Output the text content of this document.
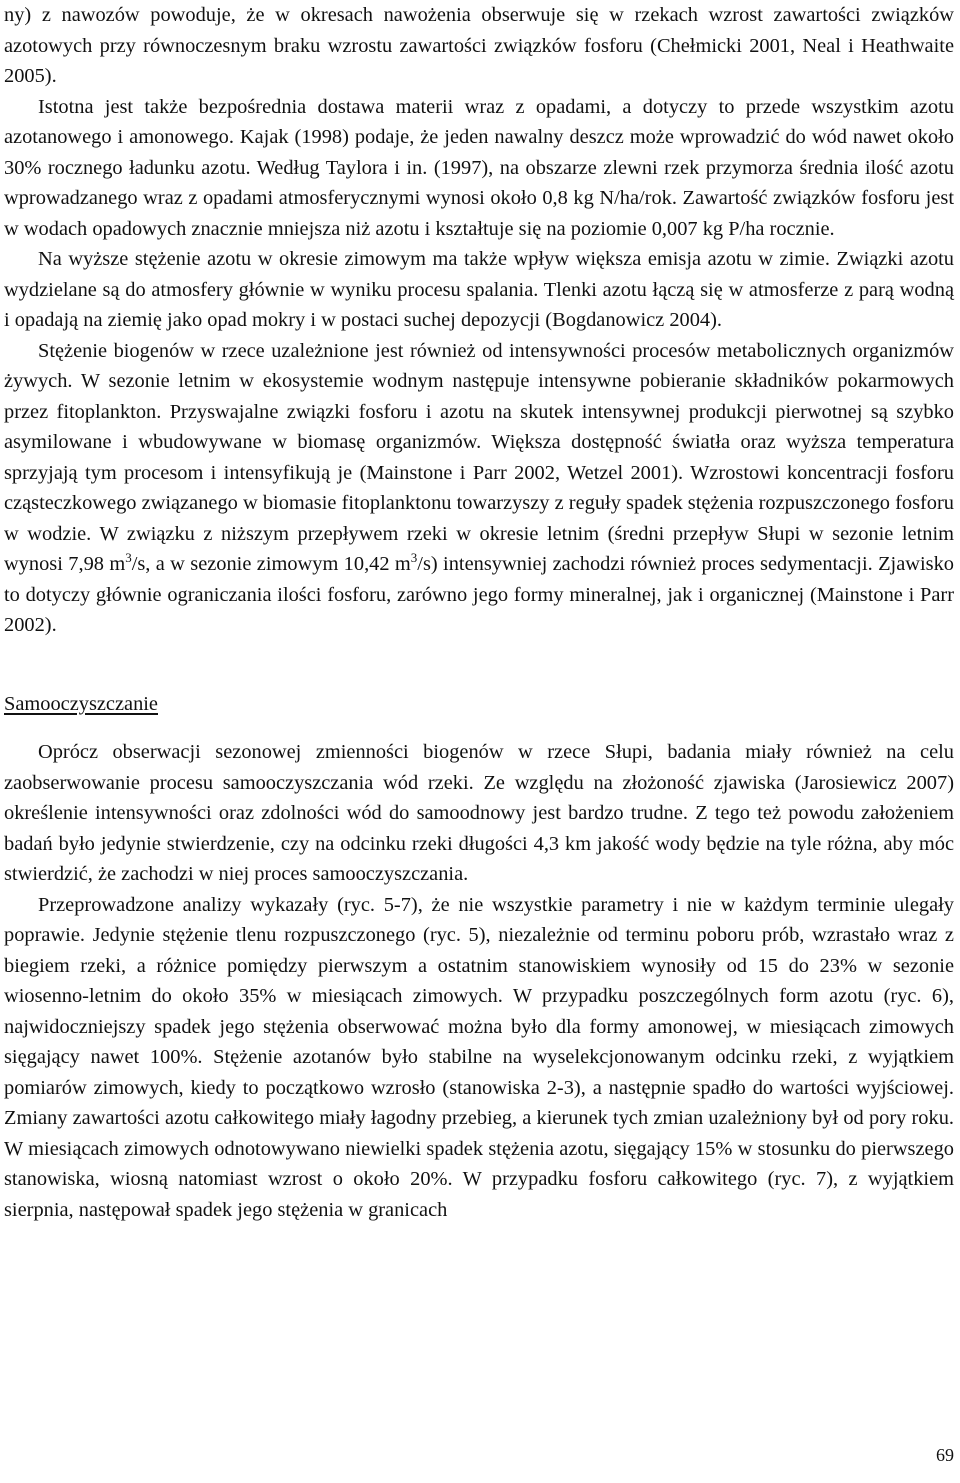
ny) z nawozów powoduje, że w okresach nawożenia obserwuje się w rzekach wzrost zawartości związków azotowych przy równoczesnym braku wzrostu zawartości związków fosforu (Chełmicki 2001, Neal i Heathwaite 2005).

Istotna jest także bezpośrednia dostawa materii wraz z opadami, a dotyczy to przede wszystkim azotu azotanowego i amonowego. Kajak (1998) podaje, że jeden nawalny deszcz może wprowadzić do wód nawet około 30% rocznego ładunku azotu. Według Taylora i in. (1997), na obszarze zlewni rzek przymorza średnia ilość azotu wprowadzanego wraz z opadami atmosferycznymi wynosi około 0,8 kg N/ha/rok. Zawartość związków fosforu jest w wodach opadowych znacznie mniejsza niż azotu i kształtuje się na poziomie 0,007 kg P/ha rocznie.

Na wyższe stężenie azotu w okresie zimowym ma także wpływ większa emisja azotu w zimie. Związki azotu wydzielane są do atmosfery głównie w wyniku procesu spalania. Tlenki azotu łączą się w atmosferze z parą wodną i opadają na ziemię jako opad mokry i w postaci suchej depozycji (Bogdanowicz 2004).

Stężenie biogenów w rzece uzależnione jest również od intensywności procesów metabolicznych organizmów żywych. W sezonie letnim w ekosystemie wodnym następuje intensywne pobieranie składników pokarmowych przez fitoplankton. Przyswajalne związki fosforu i azotu na skutek intensywnej produkcji pierwotnej są szybko asymilowane i wbudowywane w biomasę organizmów. Większa dostępność światła oraz wyższa temperatura sprzyjają tym procesom i intensyfikują je (Mainstone i Parr 2002, Wetzel 2001). Wzrostowi koncentracji fosforu cząsteczkowego związanego w biomasie fitoplanktonu towarzyszy z reguły spadek stężenia rozpuszczonego fosforu w wodzie. W związku z niższym przepływem rzeki w okresie letnim (średni przepływ Słupi w sezonie letnim wynosi 7,98 $m^3/s$, a w sezonie zimowym 10,42 $m^3/s$) intensywniej zachodzi również proces sedymentacji. Zjawisko to dotyczy głównie ograniczania ilości fosforu, zarówno jego formy mineralnej, jak i organicznej (Mainstone i Parr 2002).

Samooczyszczanie

Oprócz obserwacji sezonowej zmienności biogenów w rzece Słupi, badania miały również na celu zaobserwowanie procesu samooczyszczania wód rzeki. Ze względu na złożoność zjawiska (Jarosiewicz 2007) określenie intensywności oraz zdolności wód do samoodnowy jest bardzo trudne. Z tego też powodu założeniem badań było jedynie stwierdzenie, czy na odcinku rzeki długości 4,3 km jakość wody będzie na tyle różna, aby móc stwierdzić, że zachodzi w niej proces samooczyszczania.

Przeprowadzone analizy wykazały (ryc. 5-7), że nie wszystkie parametry i nie w każdym terminie ulegały poprawie. Jedynie stężenie tlenu rozpuszczonego (ryc. 5), niezależnie od terminu poboru prób, wzrastało wraz z biegiem rzeki, a różnice pomiędzy pierwszym a ostatnim stanowiskiem wynosiły od 15 do 23% w sezonie wiosenno-letnim do około 35% w miesiącach zimowych. W przypadku poszczególnych form azotu (ryc. 6), najwidoczniejszy spadek jego stężenia obserwować można było dla formy amonowej, w miesiącach zimowych sięgający nawet 100%. Stężenie azotanów było stabilne na wyselekcjonowanym odcinku rzeki, z wyjątkiem pomiarów zimowych, kiedy to początkowo wzrosło (stanowiska 2-3), a następnie spadło do wartości wyjściowej. Zmiany zawartości azotu całkowitego miały łagodny przebieg, a kierunek tych zmian uzależniony był od pory roku. W miesiącach zimowych odnotowywano niewielki spadek stężenia azotu, sięgający 15% w stosunku do pierwszego stanowiska, wiosną natomiast wzrost o około 20%. W przypadku fosforu całkowitego (ryc. 7), z wyjątkiem sierpnia, następował spadek jego stężenia w granicach

69
